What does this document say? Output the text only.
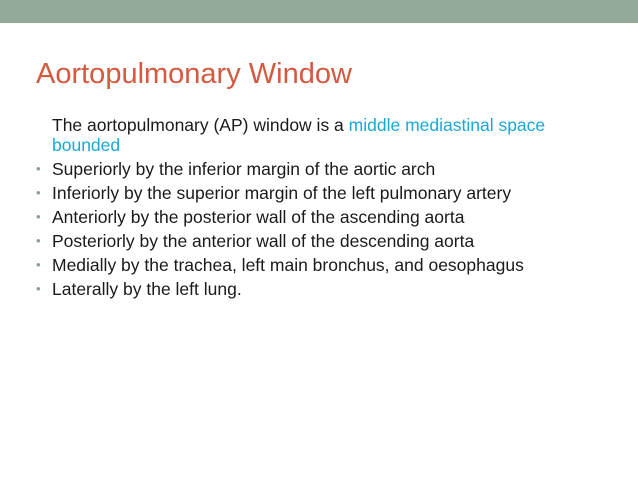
Aortopulmonary Window

The aortopulmonary (AP) window is a middle mediastinal space bounded

• Superiorly by the inferior margin of the aortic arch
• Inferiorly by the superior margin of the left pulmonary artery
• Anteriorly by the posterior wall of the ascending aorta
• Posteriorly by the anterior wall of the descending aorta
• Medially by the trachea, left main bronchus, and oesophagus
• Laterally by the left lung.
